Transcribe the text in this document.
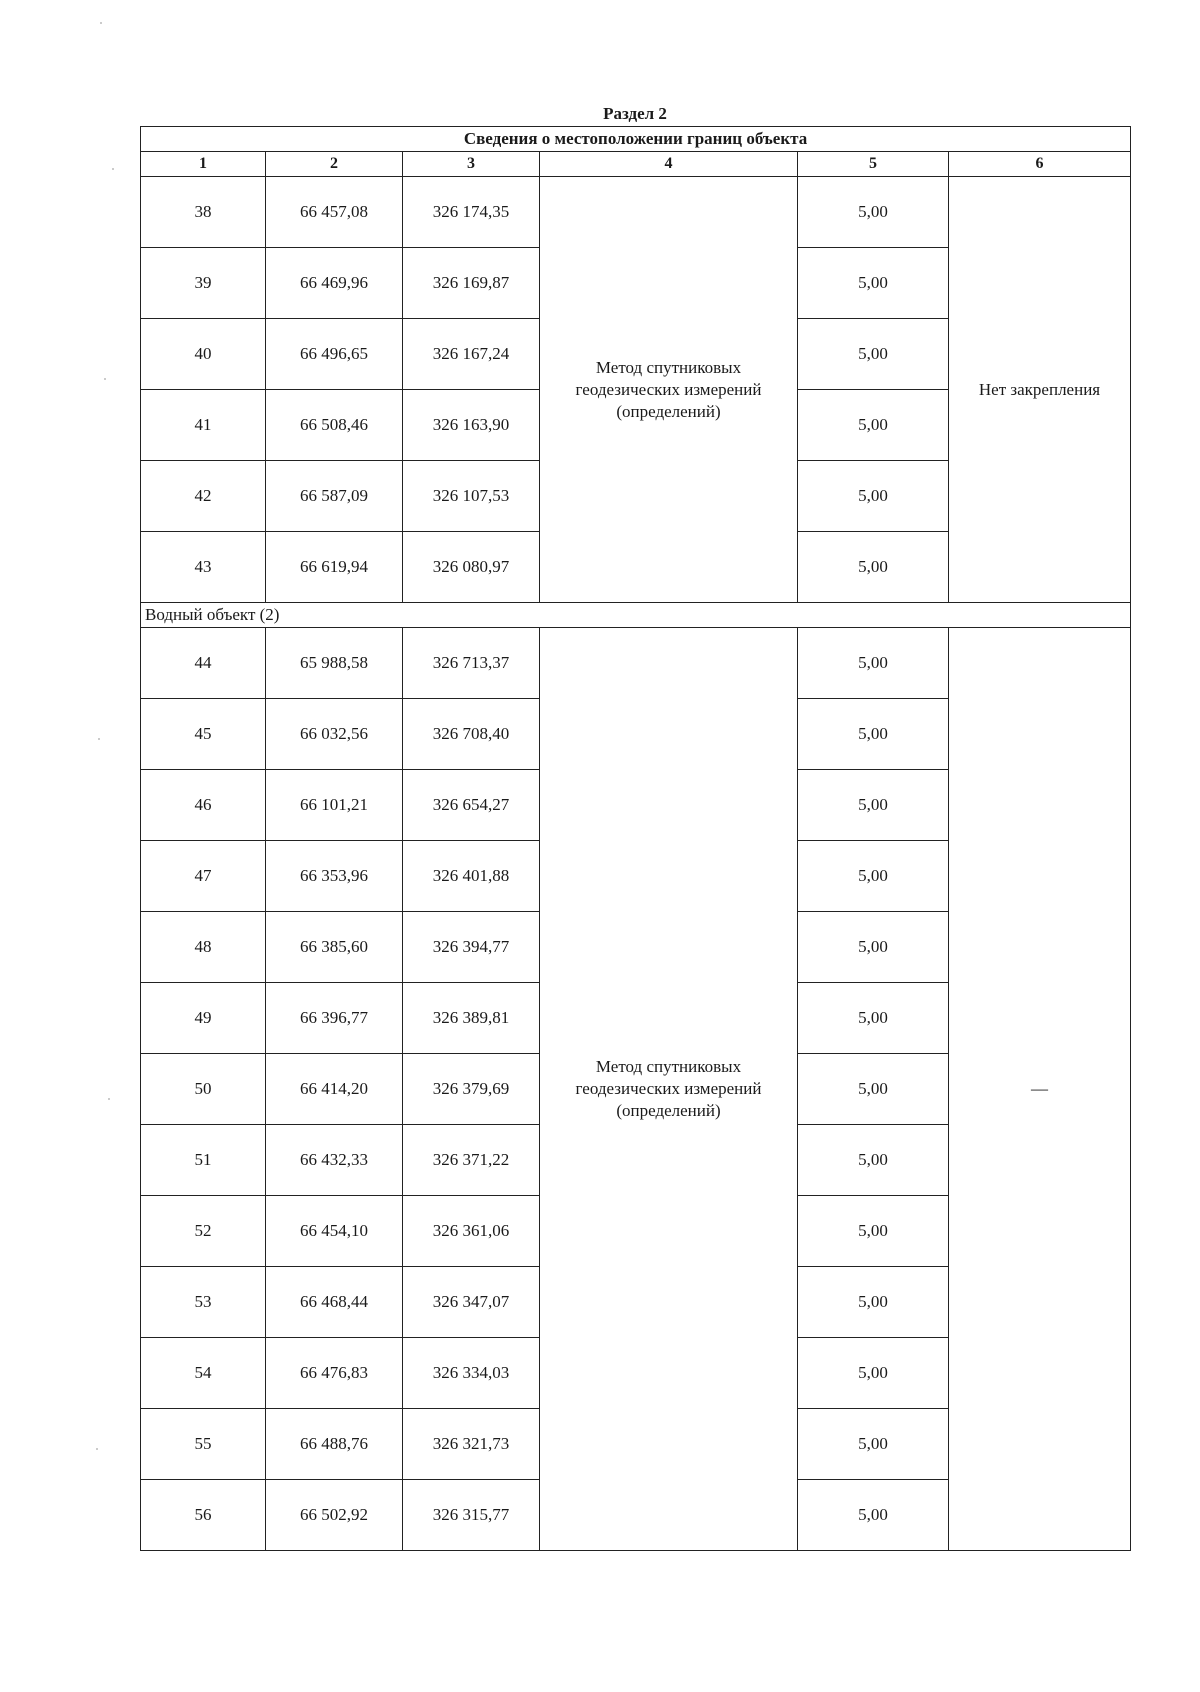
Раздел 2
Сведения о местоположении границ объекта					
1	2	3	4	5	6
38	66 457,08	326 174,35	Метод спутниковых
геодезических измерений
(определений)	5,00	Нет закрепления
39	66 469,96	326 169,87		5,00	
40	66 496,65	326 167,24		5,00	
41	66 508,46	326 163,90		5,00	
42	66 587,09	326 107,53		5,00	
43	66 619,94	326 080,97		5,00	
Водный объект (2)					
44	65 988,58	326 713,37	Метод спутниковых
геодезических измерений
(определений)	5,00	—
45	66 032,56	326 708,40		5,00	
46	66 101,21	326 654,27		5,00	
47	66 353,96	326 401,88		5,00	
48	66 385,60	326 394,77		5,00	
49	66 396,77	326 389,81		5,00	
50	66 414,20	326 379,69		5,00	
51	66 432,33	326 371,22		5,00	
52	66 454,10	326 361,06		5,00	
53	66 468,44	326 347,07		5,00	
54	66 476,83	326 334,03		5,00	
55	66 488,76	326 321,73		5,00	
56	66 502,92	326 315,77		5,00	
